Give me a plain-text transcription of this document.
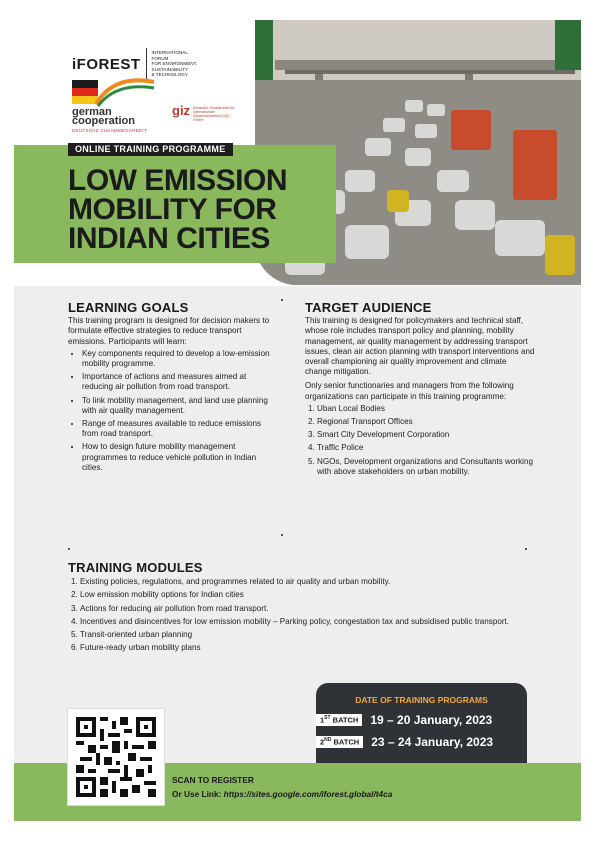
iFOREST
INTERNATIONAL
FORUM
FOR ENVIRONMENT,
SUSTAINABILITY
& TECHNOLOGY
german
cooperation
DEUTSCHE ZUSAMMENARBEIT
giz Deutsche Gesellschaft für Internationale Zusammenarbeit (GIZ) GmbH
ONLINE TRAINING PROGRAMME
LOW EMISSION
MOBILITY FOR
INDIAN CITIES
LEARNING GOALS

This training program is designed for decision makers to formulate effective strategies to reduce transport emissions. Participants will learn:

• Key components required to develop a low-emission mobility programme.
• Importance of actions and measures aimed at reducing air pollution from road transport.
• To link mobility management, and land use planning with air quality management.
• Range of measures available to reduce emissions from road transport.
• How to design future mobility management programmes to reduce vehicle pollution in Indian cities.
TARGET AUDIENCE

This training is designed for policymakers and technical staff, whose role includes transport policy and planning, mobility management, air quality management by addressing transport issues, clean air action planning with transport interventions and overall championing air quality improvement and climate change mitigation.

Only senior functionaries and managers from the following organizations can participate in this training programme:

1. Uban Local Bodies
2. Regional Transport Offices
3. Smart City Development Corporation
4. Traffic Police
5. NGOs, Development organizations and Consultants working with above stakeholders on urban mobility.
TRAINING MODULES
1. Existing policies, regulations, and programmes related to air quality and urban mobility.
2. Low emission mobility options for Indian cities
3. Actions for reducing air pollution from road transport.
4. Incentives and disincentives for low emission mobility – Parking policy, congestation tax and subsidised public transport.
5. Transit-oriented urban planning
6. Future-ready urban mobility plans
DATE OF TRAINING PROGRAMS
1ST BATCH	19 – 20 January, 2023
2ND BATCH	23 – 24 January, 2023
SCAN TO REGISTER
Or Use Link: https://sites.google.com/iforest.global/t4ca
